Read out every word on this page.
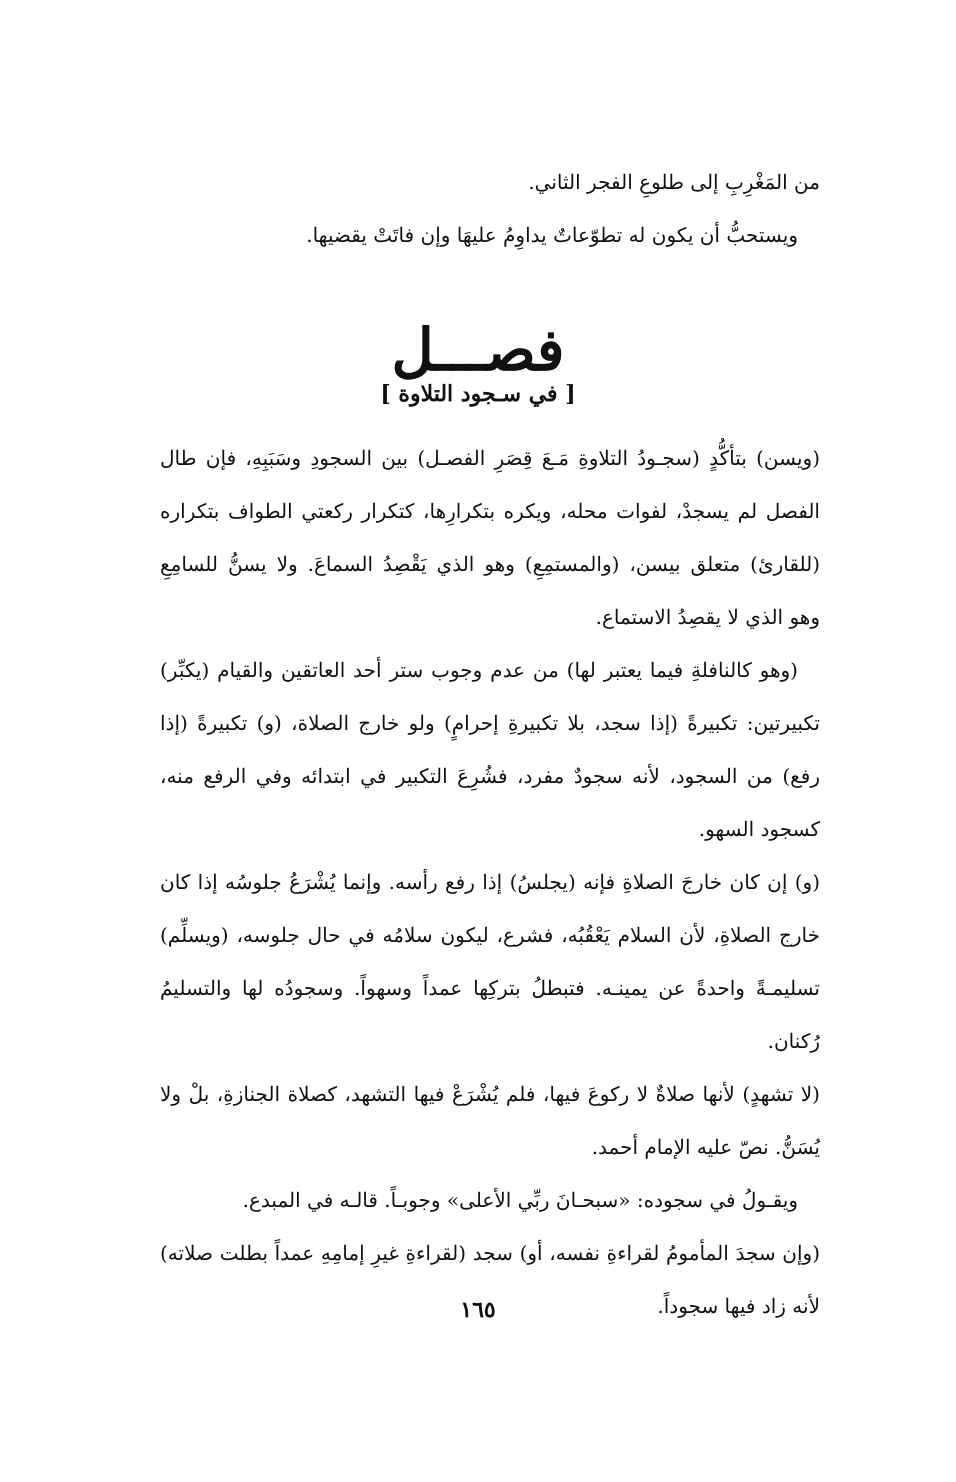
من المَغْرِبِ إلى طلوعِ الفجر الثاني.

ويستحبُّ أن يكون له تطوّعاتٌ يداوِمُ عليهَا وإن فاتَتْ يقضيها.

فصـــل
[ في سـجود التلاوة ]

(ويسن) بتأكُّدٍ (سجـودُ التلاوةِ مَـعَ قِصَرِ الفصـل) بين السجودِ وسَبَبِهِ، فإن طال الفصل لم يسجدْ، لفوات محله، ويكره بتكرارِها، كتكرار ركعتي الطواف بتكراره (للقارئ) متعلق بيسن، (والمستمِعِ) وهو الذي يَقْصِدُ السماعَ. ولا يسنُّ للسامِعِ وهو الذي لا يقصِدُ الاستماع.

(وهو كالنافلةِ فيما يعتبر لها) من عدم وجوب ستر أحد العاتقين والقيام (يكبِّر) تكبيرتين: تكبيرةً (إذا سجد، بلا تكبيرةِ إحرامٍ) ولو خارج الصلاة، (و) تكبيرةً (إذا رفع) من السجود، لأنه سجودٌ مفرد، فشُرِعَ التكبير في ابتدائه وفي الرفع منه، كسجود السهو.

(و) إن كان خارجَ الصلاةِ فإنه (يجلسُ) إذا رفع رأسه. وإنما يُشْرَعُ جلوسُه إذا كان خارج الصلاةِ، لأن السلام يَعْقُبُه، فشرع، ليكون سلامُه في حال جلوسه، (ويسلِّم) تسليمـةً واحدةً عن يمينـه. فتبطلُ بتركِها عمداً وسهواً. وسجودُه لها والتسليمُ رُكنان.

(لا تشهدٍ) لأنها صلاةٌ لا ركوعَ فيها، فلم يُشْرَعْ فيها التشهد، كصلاة الجنازةِ، بلْ ولا يُسَنُّ. نصّ عليه الإمام أحمد.

ويقـولُ في سجوده: «سبحـانَ ربِّي الأعلى» وجوبـاً. قالـه في المبدع.

(وإن سجدَ المأمومُ لقراءةِ نفسه، أو) سجد (لقراءةِ غيرِ إمامِهِ عمداً بطلت صلاته) لأنه زاد فيها سجوداً.

١٦٥
